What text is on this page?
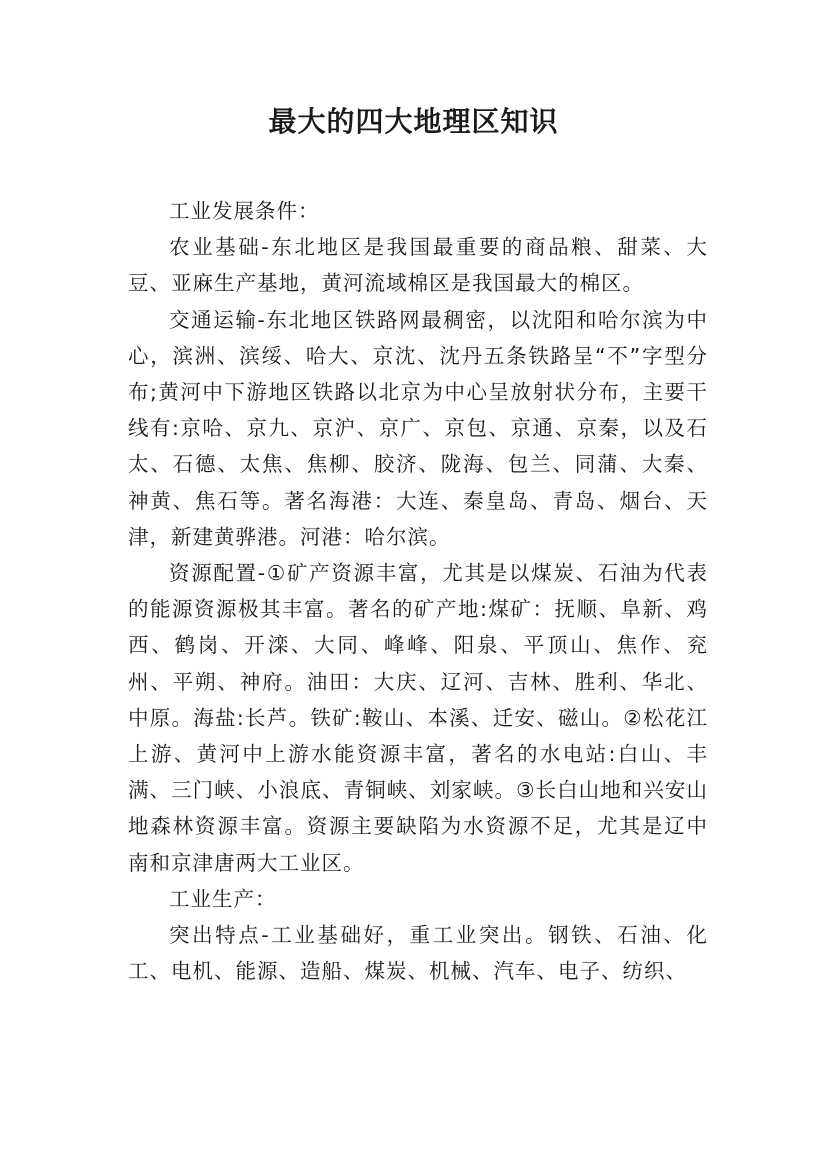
最大的四大地理区知识

工业发展条件：

农业基础-东北地区是我国最重要的商品粮、甜菜、大豆、亚麻生产基地，黄河流域棉区是我国最大的棉区。

交通运输-东北地区铁路网最稠密，以沈阳和哈尔滨为中心，滨洲、滨绥、哈大、京沈、沈丹五条铁路呈“不”字型分布;黄河中下游地区铁路以北京为中心呈放射状分布，主要干线有:京哈、京九、京沪、京广、京包、京通、京秦，以及石太、石德、太焦、焦柳、胶济、陇海、包兰、同蒲、大秦、神黄、焦石等。著名海港：大连、秦皇岛、青岛、烟台、天津，新建黄骅港。河港：哈尔滨。

资源配置-①矿产资源丰富，尤其是以煤炭、石油为代表的能源资源极其丰富。著名的矿产地:煤矿：抚顺、阜新、鸡西、鹤岗、开滦、大同、峰峰、阳泉、平顶山、焦作、兖州、平朔、神府。油田：大庆、辽河、吉林、胜利、华北、中原。海盐:长芦。铁矿:鞍山、本溪、迁安、磁山。②松花江上游、黄河中上游水能资源丰富，著名的水电站:白山、丰满、三门峡、小浪底、青铜峡、刘家峡。③长白山地和兴安山地森林资源丰富。资源主要缺陷为水资源不足，尤其是辽中南和京津唐两大工业区。

工业生产：

突出特点-工业基础好，重工业突出。钢铁、石油、化工、电机、能源、造船、煤炭、机械、汽车、电子、纺织、
